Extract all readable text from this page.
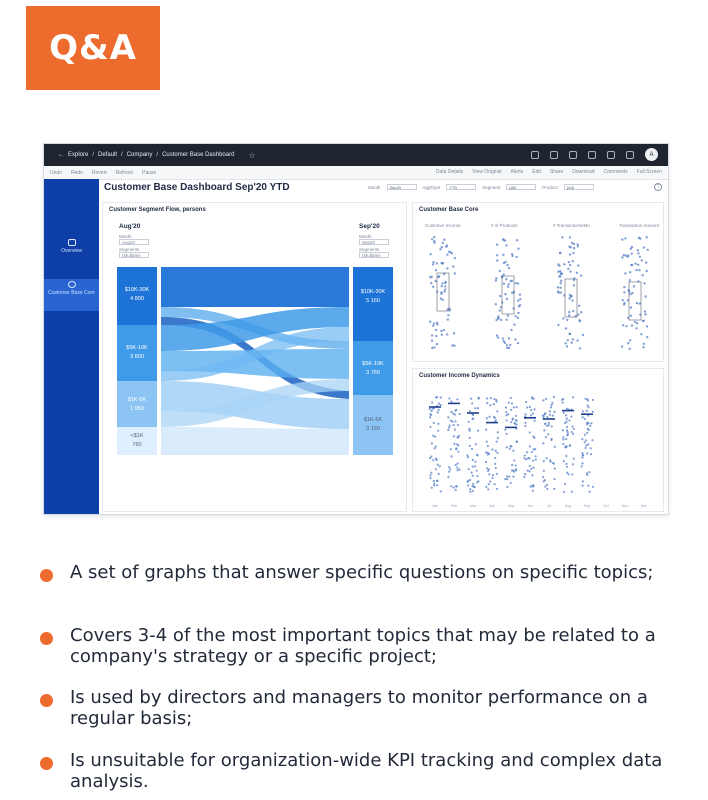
Q&A
← Explore / Default / Company / Customer Base Dashboard ☆	A
Undo Redo Revert Refresh Pause	Data Details View Original Alerts Edit Share Download Comments Full Screen
Overview
Customer Base Core
Customer Base Dashboard Sep'20 YTD	Month	Sep20	AggType	YTD	Segment	(All)	Product	(All)	?
Customer Segment Flow, persons
Aug'20	Sep'20
Month
Aug20
Segments
(Multiple)
Month
Sep20
Segments
(Multiple)
$10K-30K
4 800
$5K-10K
3 800
$1K-5K
1 050
<$1K
760
$10K-30K
5 160
$5K-10K
3 760
$1K-5K
3 160
Customer Base Core
Customer Income	# of Products	# Transactions/Mo	Transaction Amount
Customer Income Dynamics
Jan	Feb	Mar	Apr	May	Jun	Jul	Aug	Sep	Oct	Nov	Dec
A set of graphs that answer specific questions on specific topics;
Covers 3-4 of the most important topics that may be related to a company's strategy or a specific project;
Is used by directors and managers to monitor performance on a regular basis;
Is unsuitable for organization-wide KPI tracking and complex data analysis.
